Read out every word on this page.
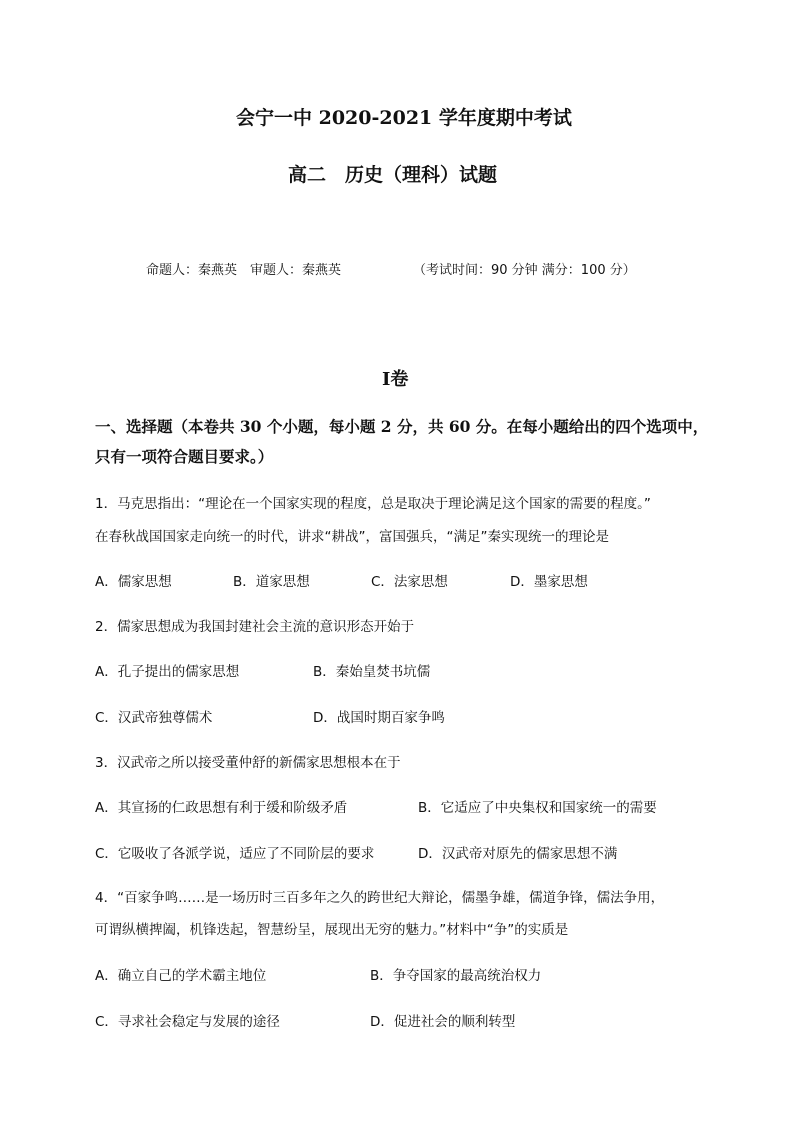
会宁一中 2020-2021 学年度期中考试
高二　历史（理科）试题
命题人：秦燕英　审题人：秦燕英	（考试时间：90 分钟 满分：100 分）
Ⅰ卷
一、选择题（本卷共 30 个小题，每小题 2 分，共 60 分。在每小题给出的四个选项中，
只有一项符合题目要求。）
1．马克思指出：“理论在一个国家实现的程度，总是取决于理论满足这个国家的需要的程度。”
在春秋战国国家走向统一的时代，讲求“耕战”，富国强兵，“满足”秦实现统一的理论是
A．儒家思想	B．道家思想	C．法家思想	D．墨家思想
2．儒家思想成为我国封建社会主流的意识形态开始于
A．孔子提出的儒家思想	B．秦始皇焚书坑儒
C．汉武帝独尊儒术	D．战国时期百家争鸣
3．汉武帝之所以接受董仲舒的新儒家思想根本在于
A．其宣扬的仁政思想有利于缓和阶级矛盾	B．它适应了中央集权和国家统一的需要
C．它吸收了各派学说，适应了不同阶层的要求	D．汉武帝对原先的儒家思想不满
4．“百家争鸣……是一场历时三百多年之久的跨世纪大辩论，儒墨争雄，儒道争锋，儒法争用，
可谓纵横捭阖，机锋迭起，智慧纷呈，展现出无穷的魅力。”材料中“争”的实质是
A．确立自己的学术霸主地位	B．争夺国家的最高统治权力
C．寻求社会稳定与发展的途径	D．促进社会的顺利转型
